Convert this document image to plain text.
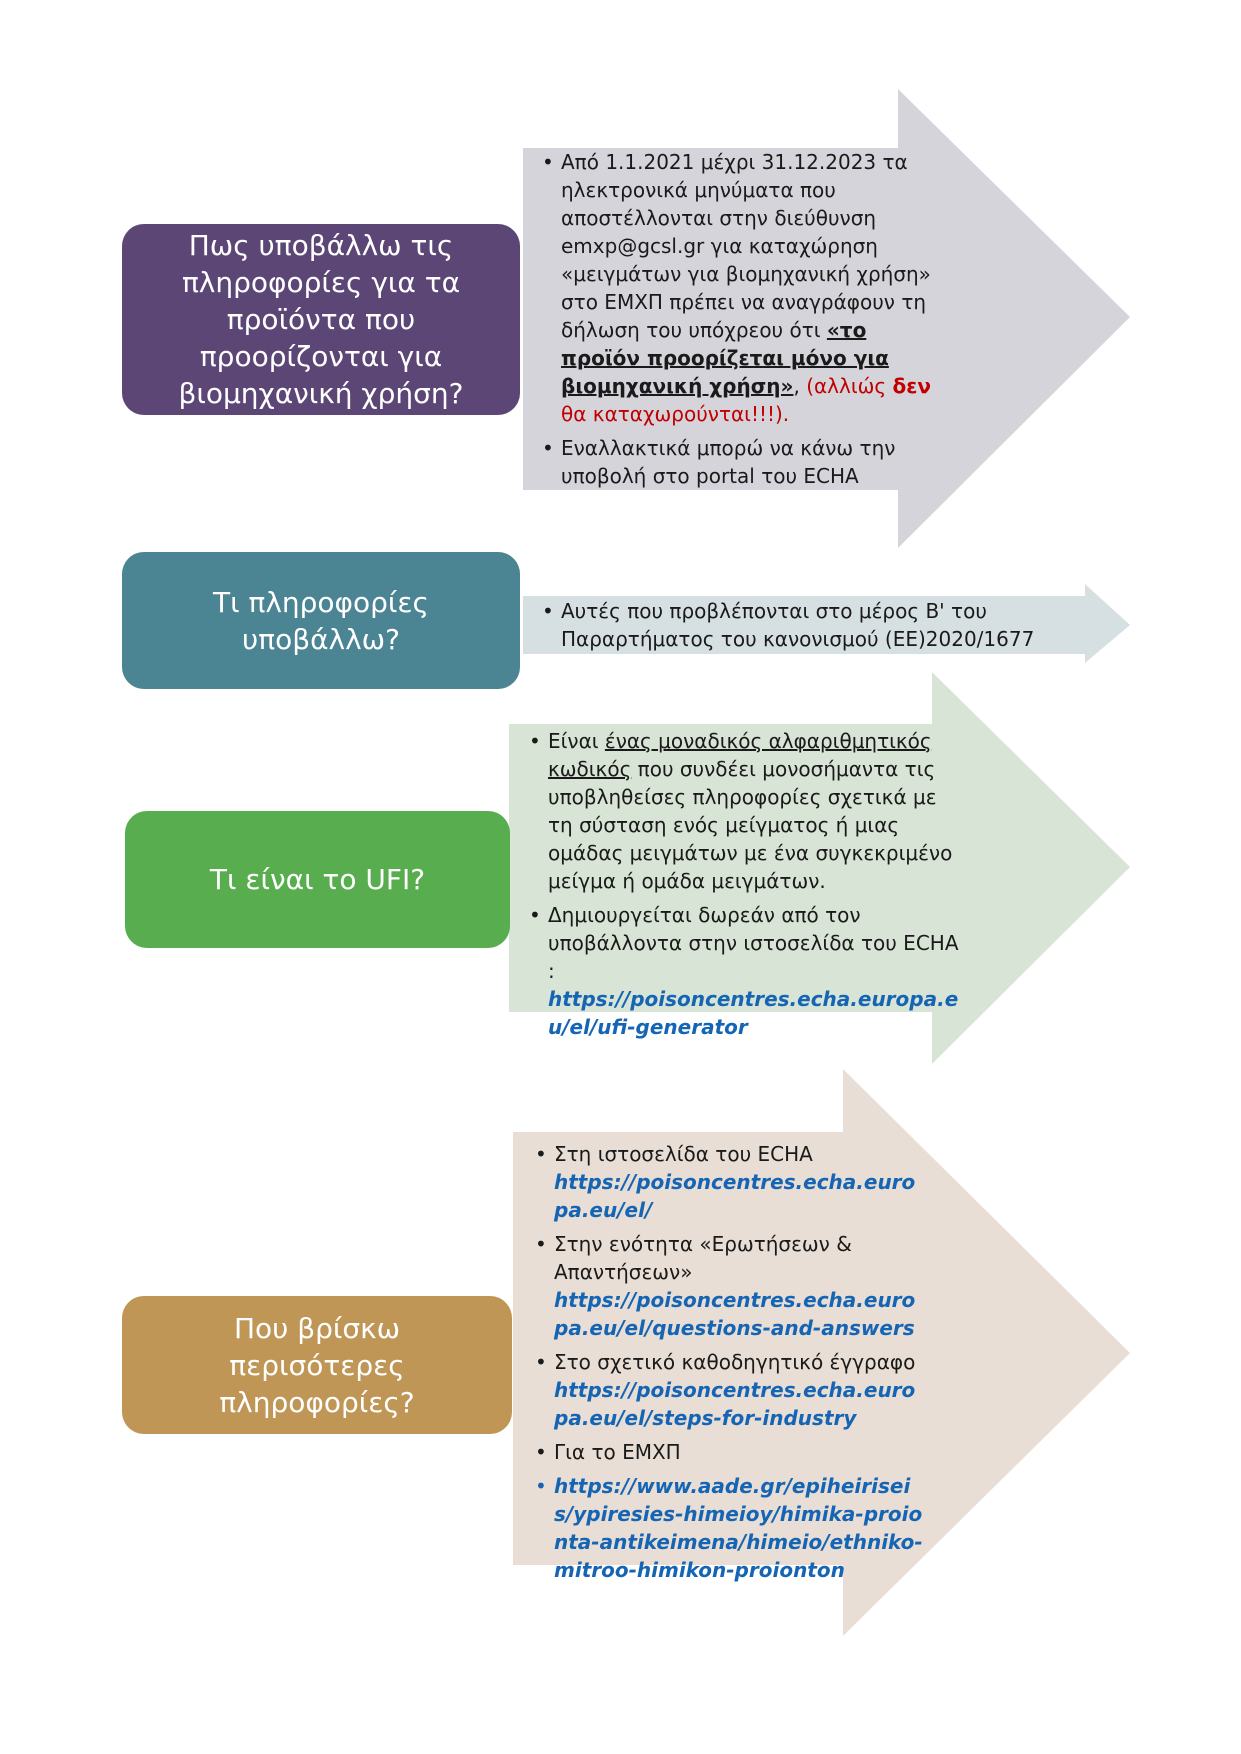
Πως υποβάλλω τις πληροφορίες για τα προϊόντα που προορίζονται για βιομηχανική χρήση?
• Από 1.1.2021 μέχρι 31.12.2023 τα ηλεκτρονικά μηνύματα που αποστέλλονται στην διεύθυνση emxp@gcsl.gr για καταχώρηση «μειγμάτων για βιομηχανική χρήση» στο ΕΜΧΠ πρέπει να αναγράφουν τη δήλωση του υπόχρεου ότι «το προϊόν προορίζεται μόνο για βιομηχανική χρήση», (αλλιώς δεν θα καταχωρούνται!!!).
• Εναλλακτικά μπορώ να κάνω την υποβολή στο portal του ECHA
Τι πληροφορίες υποβάλλω?
• Αυτές που προβλέπονται στο μέρος Β' του Παραρτήματος του κανονισμού (ΕΕ)2020/1677
Τι είναι το UFI?
• Είναι ένας μοναδικός αλφαριθμητικός κωδικός που συνδέει μονοσήμαντα τις υποβληθείσες πληροφορίες σχετικά με τη σύσταση ενός μείγματος ή μιας ομάδας μειγμάτων με ένα συγκεκριμένο μείγμα ή ομάδα μειγμάτων.
• Δημιουργείται δωρεάν από τον υποβάλλοντα στην ιστοσελίδα του ECHA :
https://poisoncentres.echa.europa.eu/el/ufi-generator
Που βρίσκω περισότερες πληροφορίες?
• Στη ιστοσελίδα του ECHA
https://poisoncentres.echa.europa.eu/el/
• Στην ενότητα «Ερωτήσεων & Απαντήσεων»
https://poisoncentres.echa.europa.eu/el/questions-and-answers
• Στο σχετικό καθοδηγητικό έγγραφο
https://poisoncentres.echa.europa.eu/el/steps-for-industry
• Για το ΕΜΧΠ
• https://www.aade.gr/epiheiriseis/ypiresies-himeioy/himika-proionta-antikeimena/himeio/ethniko-mitroo-himikon-proionton
